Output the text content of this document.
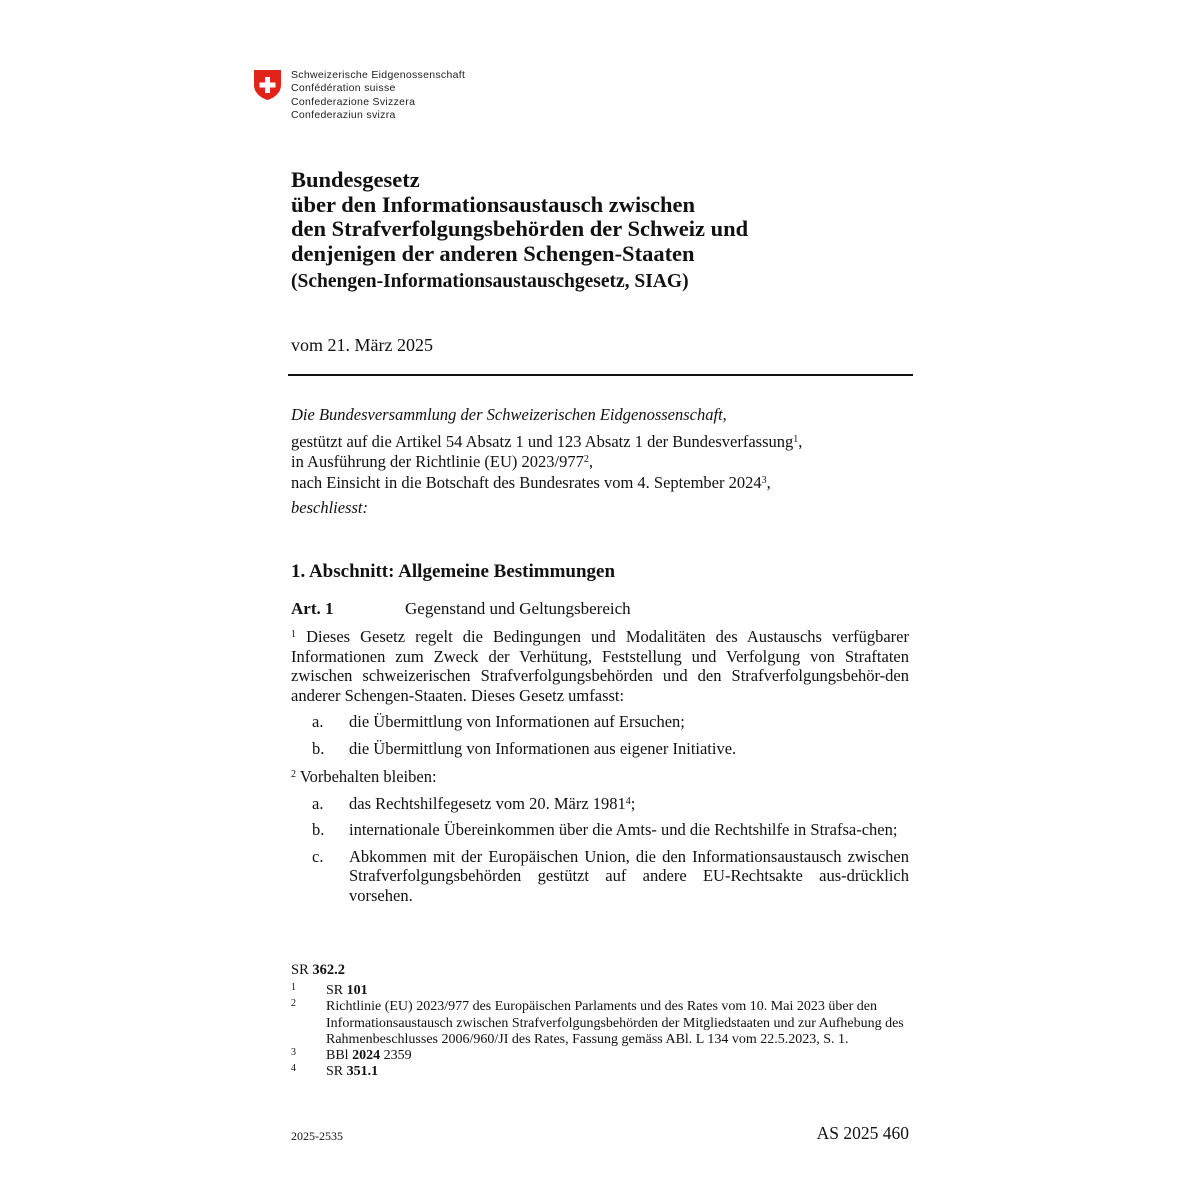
Schweizerische Eidgenossenschaft
Confédération suisse
Confederazione Svizzera
Confederaziun svizra
Bundesgesetz
über den Informationsaustausch zwischen
den Strafverfolgungsbehörden der Schweiz und
denjenigen der anderen Schengen-Staaten
(Schengen-Informationsaustauschgesetz, SIAG)
vom 21. März 2025
Die Bundesversammlung der Schweizerischen Eidgenossenschaft,
gestützt auf die Artikel 54 Absatz 1 und 123 Absatz 1 der Bundesverfassung$^1$,
in Ausführung der Richtlinie (EU) $2023/977^2$,
nach Einsicht in die Botschaft des Bundesrates vom 4. September 2024$^3$,
beschliesst:
1. Abschnitt: Allgemeine Bestimmungen
Art. 1	Gegenstand und Geltungsbereich
$^1$ Dieses Gesetz regelt die Bedingungen und Modalitäten des Austauschs verfügbarer Informationen zum Zweck der Verhütung, Feststellung und Verfolgung von Straftaten zwischen schweizerischen Strafverfolgungsbehörden und den Strafverfolgungsbehör-den anderer Schengen-Staaten. Dieses Gesetz umfasst:
a. die Übermittlung von Informationen auf Ersuchen;
b. die Übermittlung von Informationen aus eigener Initiative.
$^2$ Vorbehalten bleiben:
a. das Rechtshilfegesetz vom 20. März 1981$^4$;
b. internationale Übereinkommen über die Amts- und die Rechtshilfe in Strafsa-chen;
c. Abkommen mit der Europäischen Union, die den Informationsaustausch zwischen Strafverfolgungsbehörden gestützt auf andere EU-Rechtsakte aus-drücklich vorsehen.
SR 362.2
1 SR 101
2 Richtlinie (EU) 2023/977 des Europäischen Parlaments und des Rates vom 10. Mai 2023 über den Informationsaustausch zwischen Strafverfolgungsbehörden der Mitgliedstaaten und zur Aufhebung des Rahmenbeschlusses 2006/960/JI des Rates, Fassung gemäss ABl. L 134 vom 22.5.2023, S. 1.
3 BBl 2024 2359
4 SR 351.1
2025-2535	AS 2025 460
